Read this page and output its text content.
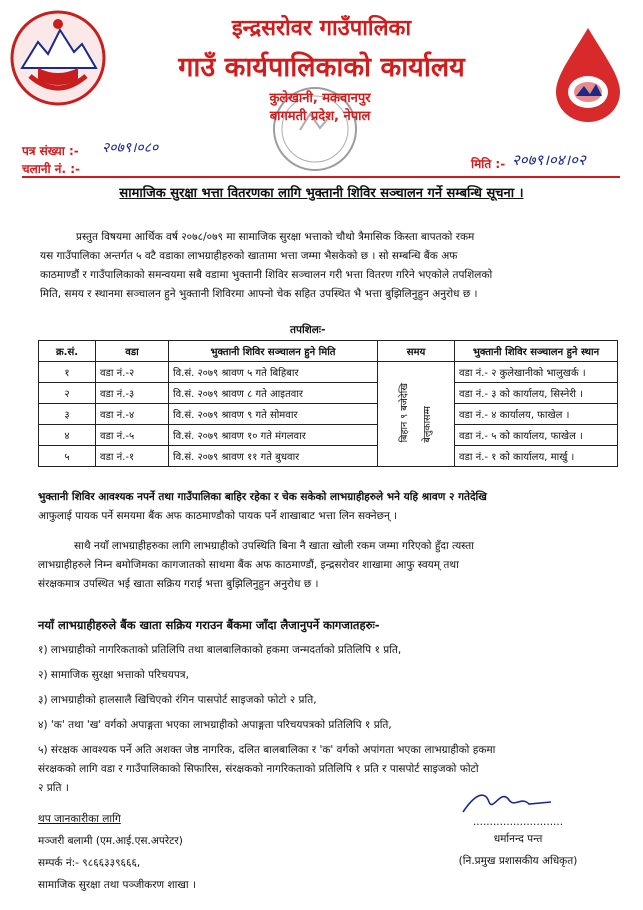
इन्द्रसरोवर गाउँपालिका
गाउँ कार्यपालिकाको कार्यालय
कुलेखानी, मकवानपुर
बागमती प्रदेश, नेपाल
पत्र संख्या :- २०७९।०८०
चलानी नं. :-	मिति :- २०७९।०४।०२
सामाजिक सुरक्षा भत्ता वितरणका लागि भुक्तानी शिविर सञ्चालन गर्ने सम्बन्धि सूचना ।
प्रस्तुत विषयमा आर्थिक वर्ष २०७८/०७९ मा सामाजिक सुरक्षा भत्ताको चौथो त्रैमासिक किस्ता बापतको रकम
यस गाउँपालिका अन्तर्गत ५ वटै वडाका लाभग्राहीहरुको खातामा भत्ता जम्मा भैसकेको छ । सो सम्बन्धि बैंक अफ
काठमाण्डौं र गाउँपालिकाको समन्वयमा सबै वडामा भुक्तानी शिविर सञ्चालन गरी भत्ता वितरण गरिने भएकोले तपशिलको
मिति, समय र स्थानमा सञ्चालन हुने भुक्तानी शिविरमा आफ्नो चेक सहित उपस्थित भै भत्ता बुझिलिनुहुन अनुरोध छ ।
तपशिलः-
क्र.सं.	वडा	भुक्तानी शिविर सञ्चालन हुने मिति	समय	भुक्तानी शिविर सञ्चालन हुने स्थान
१	वडा नं.-२	वि.सं. २०७९ श्रावण ५ गते बिहिबार	बिहान ९ बजेदेखि बेलुकासम्म	वडा नं.- २ कुलेखानीको भालुखर्क ।
२	वडा नं.-३	वि.सं. २०७९ श्रावण ८ गते आइतवार		वडा नं.- ३ को कार्यालय, सिस्नेरी ।
३	वडा नं.-४	वि.सं. २०७९ श्रावण ९ गते सोमवार		वडा नं.- ४ कार्यालय, फाखेल ।
४	वडा नं.-५	वि.सं. २०७९ श्रावण १० गते मंगलवार		वडा नं.- ५ को कार्यालय, फाखेल ।
५	वडा नं.-१	वि.सं. २०७९ श्रावण ११ गते बुधवार		वडा नं.- १ को कार्यालय, मार्खु ।
भुक्तानी शिविर आवश्यक नपर्ने तथा गाउँपालिका बाहिर रहेका र चेक सकेको लाभग्राहीहरुले भने यहि श्रावण २ गतेदेखि
आफुलाई पायक पर्ने समयमा बैंक अफ काठमाण्डौको पायक पर्ने शाखाबाट भत्ता लिन सक्नेछन् ।
साथै नयाँ लाभग्राहीहरुका लागि लाभग्राहीको उपस्थिति बिना नै खाता खोली रकम जम्मा गरिएको हुँदा त्यस्ता
लाभग्राहीहरुले निम्न बमोजिमका कागजातको साथमा बैंक अफ काठमाण्डौं, इन्द्रसरोवर शाखामा आफु स्वयम् तथा
संरक्षकमात्र उपस्थित भई खाता सक्रिय गराई भत्ता बुझिलिनुहुन अनुरोध छ ।
नयाँ लाभग्राहीहरुले बैंक खाता सक्रिय गराउन बैंकमा जाँदा लैजानुपर्ने कागजातहरुः-
१) लाभग्राहीको नागरिकताको प्रतिलिपि तथा बालबालिकाको हकमा जन्मदर्ताको प्रतिलिपि १ प्रति,
२) सामाजिक सुरक्षा भत्ताको परिचयपत्र,
३) लाभग्राहीको हालसालै खिचिएको रंगिन पासपोर्ट साइजको फोटो २ प्रति,
४) 'क' तथा 'ख' वर्गको अपाङ्गता भएका लाभग्राहीको अपाङ्गता परिचयपत्रको प्रतिलिपि १ प्रति,
५) संरक्षक आवश्यक पर्ने अति अशक्त जेष्ठ नागरिक, दलित बालबालिका र 'क' वर्गको अपांगता भएका लाभग्राहीको हकमा
संरक्षकको लागि वडा र गाउँपालिकाको सिफारिस, संरक्षकको नागरिकताको प्रतिलिपि १ प्रति र पासपोर्ट साइजको फोटो
२ प्रति ।
थप जानकारीका लागि
मञ्जरी बलामी (एम.आई.एस.अपरेटर)
सम्पर्क नं:- ९८६६३३९६६६,
सामाजिक सुरक्षा तथा पञ्जीकरण शाखा ।
...........................
धर्मानन्द पन्त
(नि.प्रमुख प्रशासकीय अधिकृत)
